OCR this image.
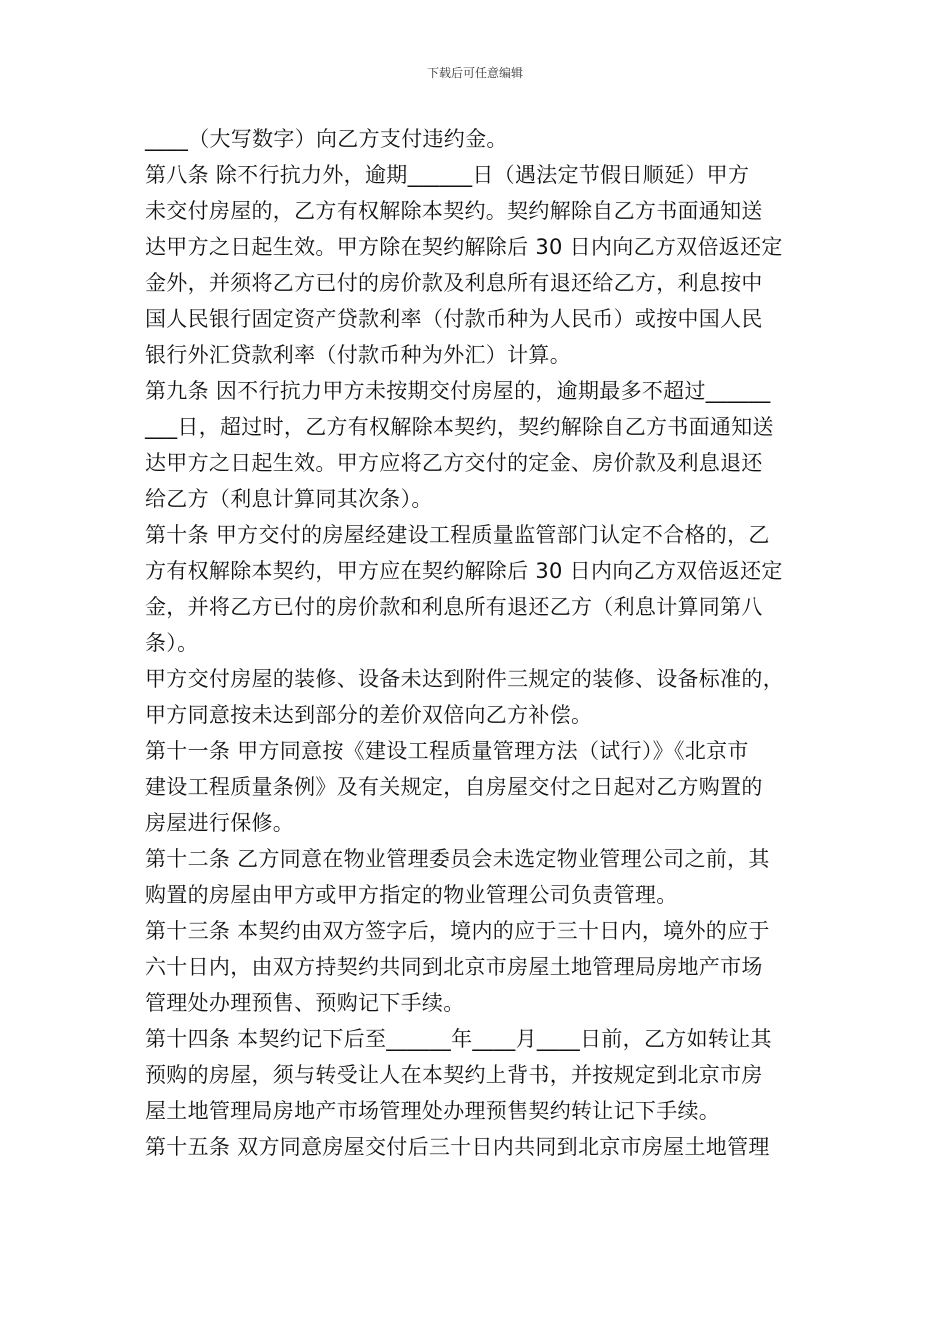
下载后可任意编辑
____（大写数字）向乙方支付违约金。
第八条 除不行抗力外，逾期______日（遇法定节假日顺延）甲方
未交付房屋的，乙方有权解除本契约。契约解除自乙方书面通知送
达甲方之日起生效。甲方除在契约解除后 30 日内向乙方双倍返还定
金外，并须将乙方已付的房价款及利息所有退还给乙方，利息按中
国人民银行固定资产贷款利率（付款币种为人民币）或按中国人民
银行外汇贷款利率（付款币种为外汇）计算。
第九条 因不行抗力甲方未按期交付房屋的，逾期最多不超过______
___日，超过时，乙方有权解除本契约，契约解除自乙方书面通知送
达甲方之日起生效。甲方应将乙方交付的定金、房价款及利息退还
给乙方（利息计算同其次条）。
第十条 甲方交付的房屋经建设工程质量监管部门认定不合格的，乙
方有权解除本契约，甲方应在契约解除后 30 日内向乙方双倍返还定
金，并将乙方已付的房价款和利息所有退还乙方（利息计算同第八
条）。
甲方交付房屋的装修、设备未达到附件三规定的装修、设备标准的，
甲方同意按未达到部分的差价双倍向乙方补偿。
第十一条 甲方同意按《建设工程质量管理方法（试行）》《北京市
建设工程质量条例》及有关规定，自房屋交付之日起对乙方购置的
房屋进行保修。
第十二条 乙方同意在物业管理委员会未选定物业管理公司之前，其
购置的房屋由甲方或甲方指定的物业管理公司负责管理。
第十三条 本契约由双方签字后，境内的应于三十日内，境外的应于
六十日内，由双方持契约共同到北京市房屋土地管理局房地产市场
管理处办理预售、预购记下手续。
第十四条 本契约记下后至______年____月____日前，乙方如转让其
预购的房屋，须与转受让人在本契约上背书，并按规定到北京市房
屋土地管理局房地产市场管理处办理预售契约转让记下手续。
第十五条 双方同意房屋交付后三十日内共同到北京市房屋土地管理
